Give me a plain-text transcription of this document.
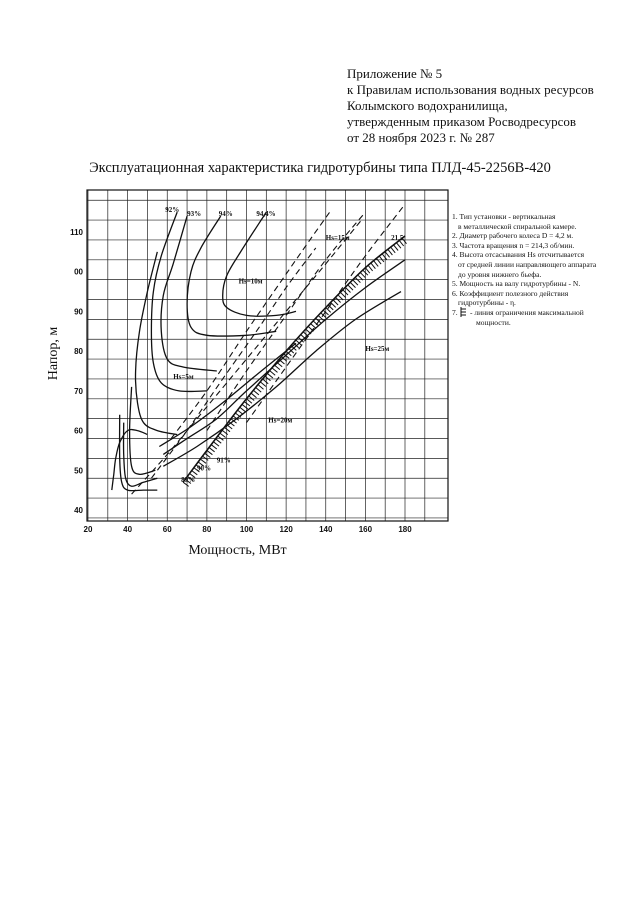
Приложение № 5
к Правилам использования водных ресурсов
Колымского водохранилища,
утвержденным приказом Росводресурсов
от 28 ноября 2023 г. № 287
Эксплуатационная характеристика гидротурбины типа ПЛД-45-2256В-420
92% 93%	94%	94,4%
Hs=15м
Hs=10м
Hs=5м
Hs=20м
Hs=25м
21,5
91%
90%
89%
20	40	60	80	100	120	140	160	180
40
50
60
70
80
90
00
110
Мощность, МВт
Напор, м
1. Тип установки - вертикальная
в металлической спиральной камере.
2. Диаметр рабочего колеса D = 4,2 м.
3. Частота вращения n = 214,3 об/мин.
4. Высота отсасывания Hs отсчитывается
от средней линии направляющего аппарата
до уровня нижнего бьефа.
5. Мощность на валу гидротурбины - N.
6. Коэффициент полезного действия
гидротурбины - η.
7. - линия ограничения максимальной
мощности.
